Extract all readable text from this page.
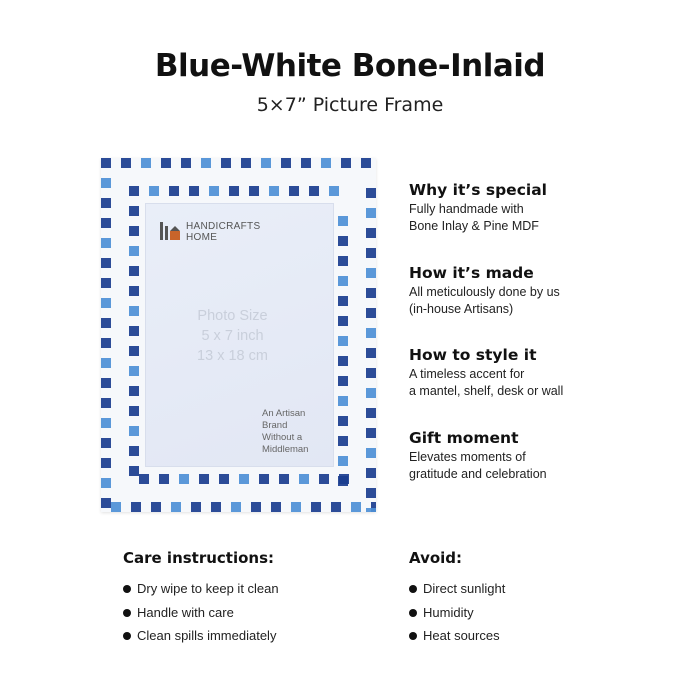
Blue-White Bone-Inlaid
5×7” Picture Frame
HANDICRAFTS
HOME
Photo Size
5 x 7 inch
13 x 18 cm
An Artisan
Brand
Without a
Middleman
Why it’s special
Fully handmade with
Bone Inlay & Pine MDF
How it’s made
All meticulously done by us
(in-house Artisans)
How to style it
A timeless accent for
a mantel, shelf, desk or wall
Gift moment
Elevates moments of
gratitude and celebration
Care instructions:
Dry wipe to keep it clean
Handle with care
Clean spills immediately
Avoid:
Direct sunlight
Humidity
Heat sources
